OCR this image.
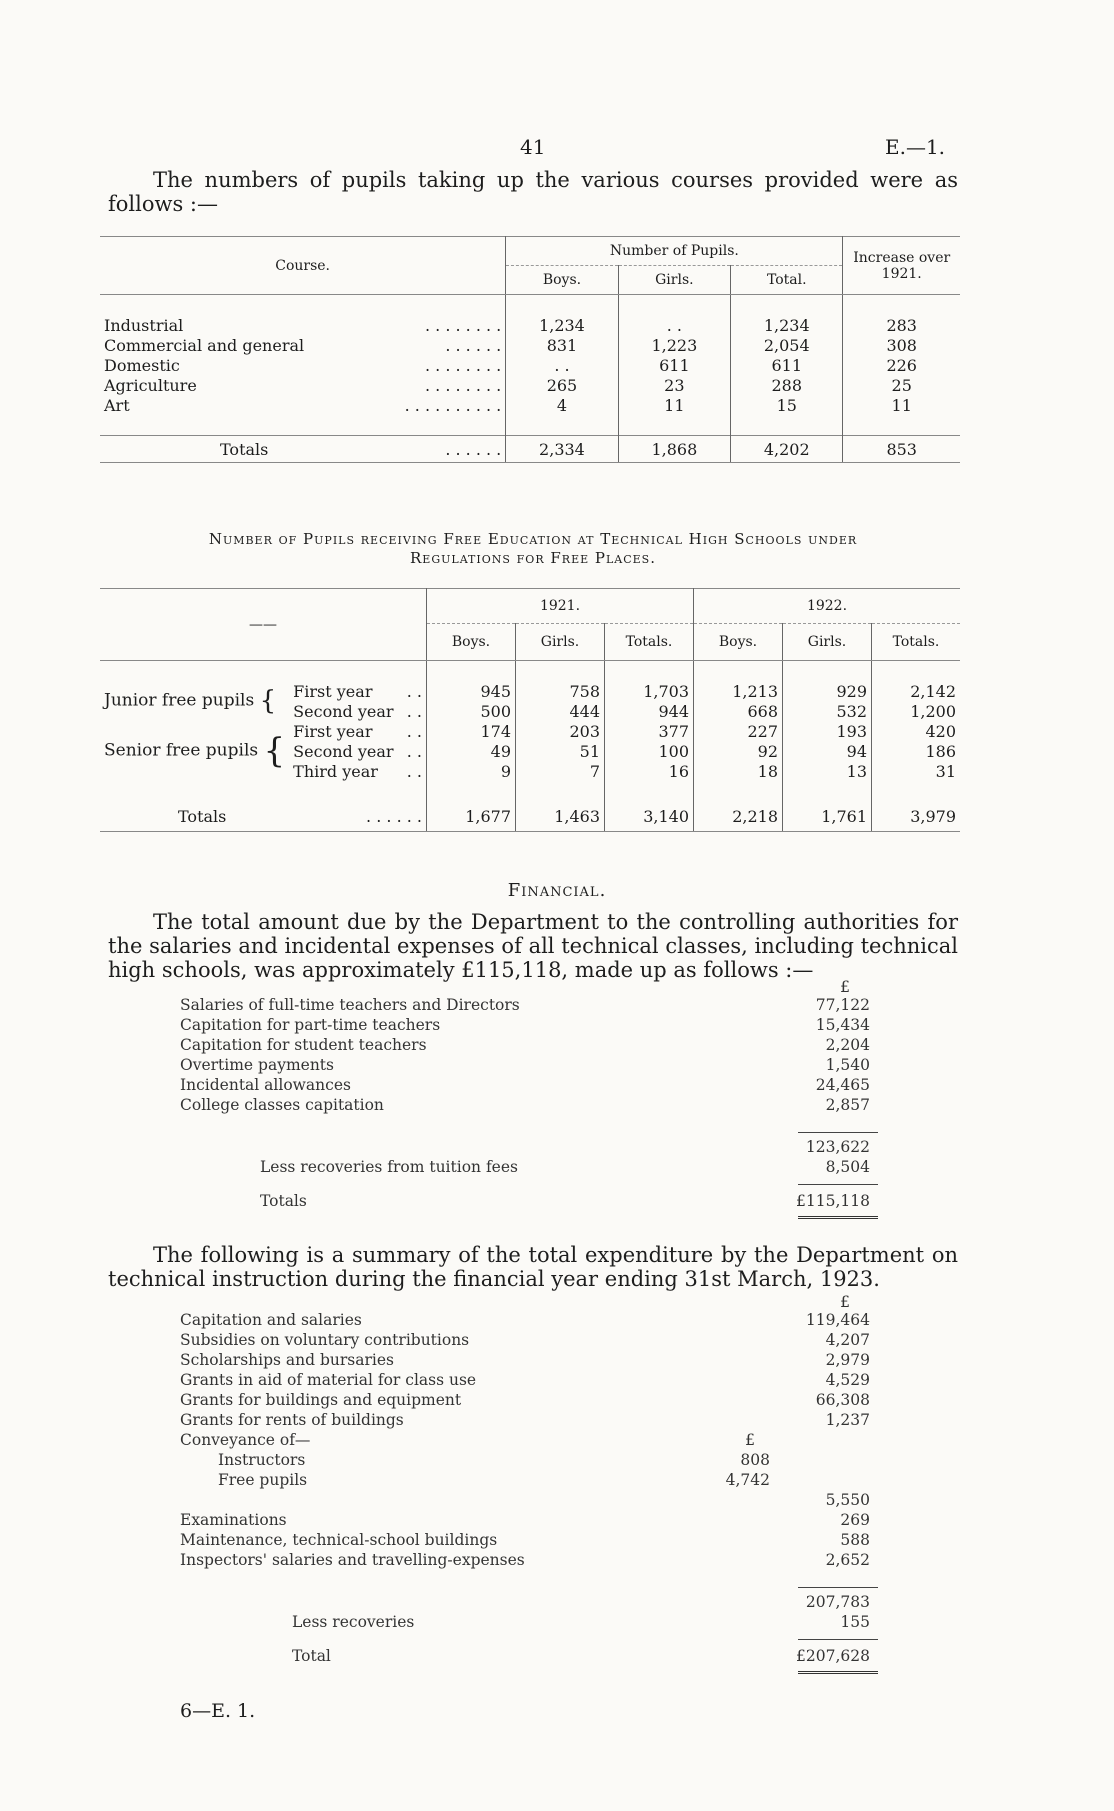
41	E.—1.

The numbers of pupils taking up the various courses provided were as follows :—

Course.	Number of Pupils.			Increase over 1921.
	Boys.	Girls.	Total.	

Industrial . . . . . . . .	1,234	. .	1,234	283
Commercial and general . . . . . .	831	1,223	2,054	308
Domestic . . . . . . . .	. .	611	611	226
Agriculture . . . . . . . .	265	23	288	25
Art . . . . . . . . . .	4	11	15	11

Totals . . . . . .	2,334	1,868	4,202	853
Number of Pupils receiving Free Education at Technical High Schools under
Regulations for Free Places.
——		1921.			1922.		
		Boys.	Girls.	Totals.	Boys.	Girls.	Totals.

Junior free pupils {	First year . .	945	758	1,703	1,213	929	2,142
	Second year . .	500	444	944	668	532	1,200
Senior free pupils {	First year . .	174	203	377	227	193	420
	Second year . .	49	51	100	92	94	186
	Third year . .	9	7	16	18	13	31

Totals . . . . . .		1,677	1,463	3,140	2,218	1,761	3,979
Financial.

The total amount due by the Department to the controlling authorities for the salaries and incidental expenses of all technical classes, including technical high schools, was approximately £115,118, made up as follows :—

£
Salaries of full-time teachers and Directors	77,122
Capitation for part-time teachers	15,434
Capitation for student teachers	2,204
Overtime payments	1,540
Incidental allowances	24,465
College classes capitation	2,857
123,622
Less recoveries from tuition fees	8,504
Totals	£115,118

The following is a summary of the total expenditure by the Department on technical instruction during the financial year ending 31st March, 1923.

£
Capitation and salaries	119,464
Subsidies on voluntary contributions	4,207
Scholarships and bursaries	2,979
Grants in aid of material for class use	4,529
Grants for buildings and equipment	66,308
Grants for rents of buildings	1,237
Conveyance of—	£
Instructors	808
Free pupils	4,742
5,550
Examinations	269
Maintenance, technical-school buildings	588
Inspectors' salaries and travelling-expenses	2,652
207,783
Less recoveries	155
Total	£207,628
6—E. 1.
